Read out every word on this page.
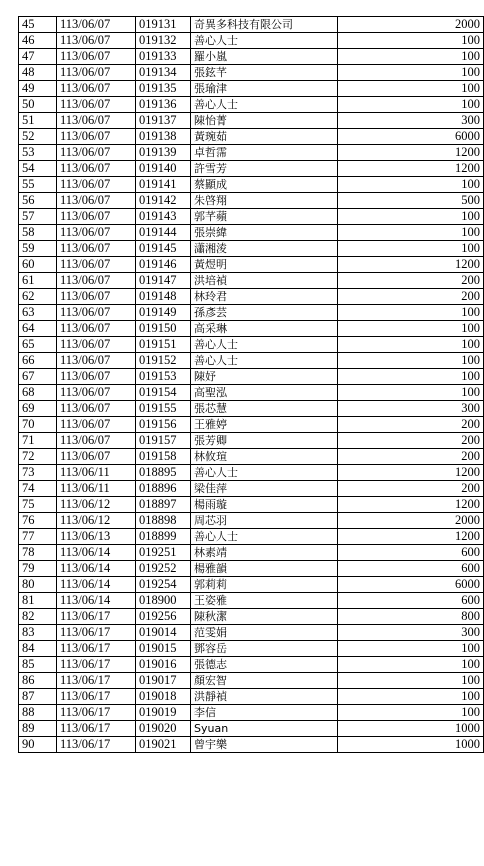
45	113/06/07	019131	奇異多科技有限公司	2000
46	113/06/07	019132	善心人士	100
47	113/06/07	019133	羅小嵐	100
48	113/06/07	019134	張鉉芊	100
49	113/06/07	019135	張瑜津	100
50	113/06/07	019136	善心人士	100
51	113/06/07	019137	陳怡菁	300
52	113/06/07	019138	黃琬茹	6000
53	113/06/07	019139	卓哲霈	1200
54	113/06/07	019140	許雪芳	1200
55	113/06/07	019141	蔡顯成	100
56	113/06/07	019142	朱啓翔	500
57	113/06/07	019143	郭芊蘋	100
58	113/06/07	019144	張崇緯	100
59	113/06/07	019145	瀟湘淩	100
60	113/06/07	019146	黃煜明	1200
61	113/06/07	019147	洪培禎	200
62	113/06/07	019148	林玲君	200
63	113/06/07	019149	孫彥芸	100
64	113/06/07	019150	高采琳	100
65	113/06/07	019151	善心人士	100
66	113/06/07	019152	善心人士	100
67	113/06/07	019153	陳妤	100
68	113/06/07	019154	高聖泓	100
69	113/06/07	019155	張芯慧	300
70	113/06/07	019156	王雅婷	200
71	113/06/07	019157	張芳卿	200
72	113/06/07	019158	林攸瑄	200
73	113/06/11	018895	善心人士	1200
74	113/06/11	018896	梁佳萍	200
75	113/06/12	018897	楊雨璇	1200
76	113/06/12	018898	周芯羽	2000
77	113/06/13	018899	善心人士	1200
78	113/06/14	019251	林素靖	600
79	113/06/14	019252	楊雅韻	600
80	113/06/14	019254	郭莉莉	6000
81	113/06/14	018900	王姿雅	600
82	113/06/17	019256	陳秋潔	800
83	113/06/17	019014	范雯娟	300
84	113/06/17	019015	鄧容岳	100
85	113/06/17	019016	張德志	100
86	113/06/17	019017	顏宏智	100
87	113/06/17	019018	洪靜禎	100
88	113/06/17	019019	李信	100
89	113/06/17	019020	Syuan	1000
90	113/06/17	019021	曾宇樂	1000
